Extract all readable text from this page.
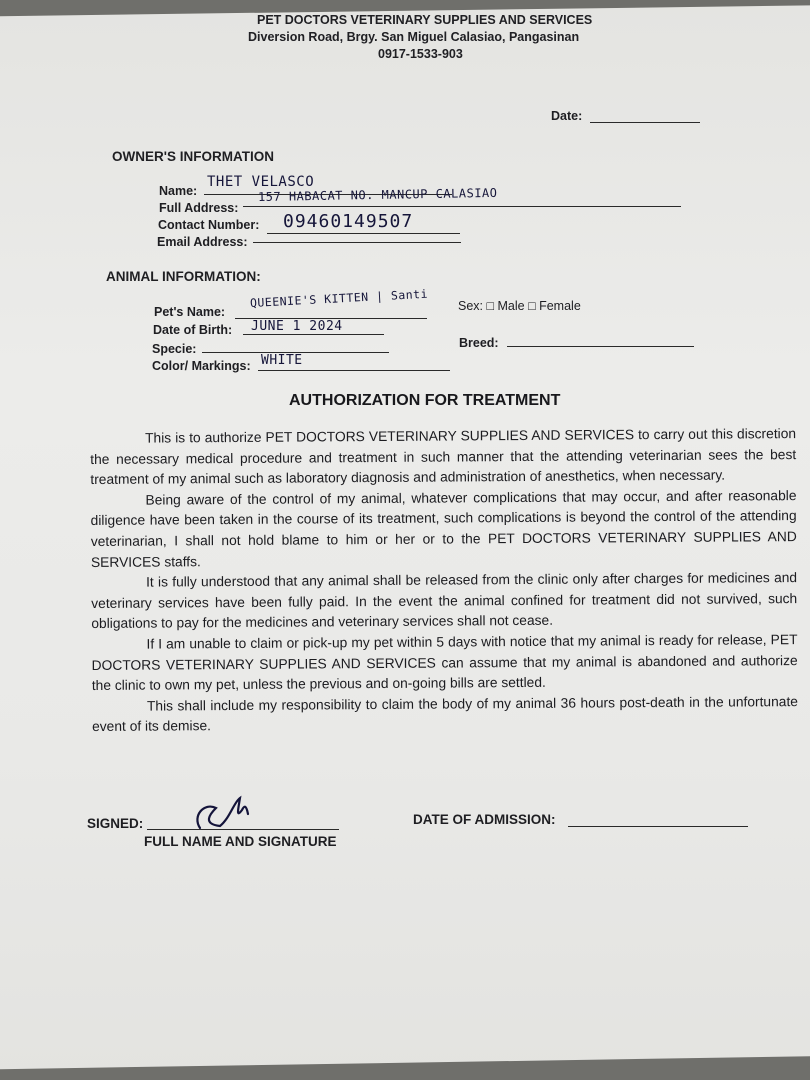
PET DOCTORS VETERINARY SUPPLIES AND SERVICES
Diversion Road, Brgy. San Miguel Calasiao, Pangasinan
0917-1533-903
Date:
OWNER'S INFORMATION
Name:
THET VELASCO
Full Address:
157 HABACAT NO. MANCUP CALASIAO
Contact Number: 09460149507
Email Address:
ANIMAL INFORMATION:
Pet's Name:
QUEENIE'S KITTEN | Santi Sex: □ Male □ Female
Date of Birth: JUNE 1 2024
Specie:	Breed:
Color/ Markings: WHITE
AUTHORIZATION FOR TREATMENT

This is to authorize PET DOCTORS VETERINARY SUPPLIES AND SERVICES to carry out this discretion the necessary medical procedure and treatment in such manner that the attending veterinarian sees the best treatment of my animal such as laboratory diagnosis and administration of anesthetics, when necessary.

Being aware of the control of my animal, whatever complications that may occur, and after reasonable diligence have been taken in the course of its treatment, such complications is beyond the control of the attending veterinarian, I shall not hold blame to him or her or to the PET DOCTORS VETERINARY SUPPLIES AND SERVICES staffs.

It is fully understood that any animal shall be released from the clinic only after charges for medicines and veterinary services have been fully paid. In the event the animal confined for treatment did not survived, such obligations to pay for the medicines and veterinary services shall not cease.

If I am unable to claim or pick-up my pet within 5 days with notice that my animal is ready for release, PET DOCTORS VETERINARY SUPPLIES AND SERVICES can assume that my animal is abandoned and authorize the clinic to own my pet, unless the previous and on-going bills are settled.

This shall include my responsibility to claim the body of my animal 36 hours post-death in the unfortunate event of its demise.

SIGNED:
FULL NAME AND SIGNATURE
DATE OF ADMISSION:
